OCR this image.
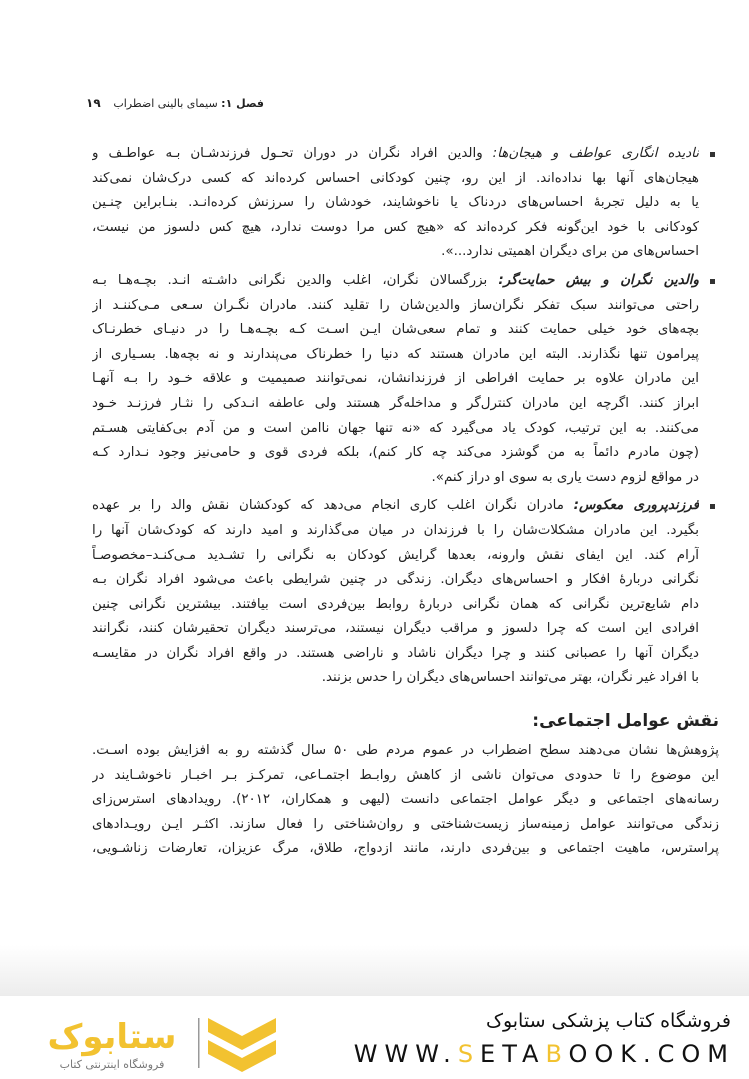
فصل ۱: سیمای بالینی اضطراب
۱۹
نادیده انگاری عواطف و هیجان‌ها: والدین افراد نگران در دوران تحـول فرزندشـان بـه عواطـف و
هیجان‌های آنها بها نداده‌اند. از این رو، چنین کودکانی احساس کرده‌اند که کسی درک‌شان نمی‌کند
یا به دلیل تجربهٔ احساس‌های دردناک یا ناخوشایند، خودشان را سرزنش کرده‌انـد. بنـابراین چنـین
کودکانی با خود این‌گونه فکر کرده‌اند که «هیچ کس مرا دوست ندارد، هیچ کس دلسوز من نیست،
احساس‌های من برای دیگران اهمیتی ندارد...».
والدین نگران و بیش حمایت‌گر: بزرگسالان نگران، اغلب والدین نگرانی داشـته انـد. بچـه‌هـا بـه
راحتی می‌توانند سبک تفکر نگران‌ساز والدین‌شان را تقلید کنند. مادران نگـران سـعی مـی‌کننـد از
بچه‌های خود خیلی حمایت کنند و تمام سعی‌شان ایـن اسـت کـه بچـه‌هـا را در دنیـای خطرنـاک
پیرامون تنها نگذارند. البته این مادران هستند که دنیا را خطرناک می‌پندارند و نه بچه‌ها. بسـیاری از
این مادران علاوه بر حمایت افراطی از فرزندانشان، نمی‌توانند صمیمیت و علاقه خـود را بـه آنهـا
ابراز کنند. اگرچه این مادران کنترل‌گر و مداخله‌گر هستند ولی عاطفه انـدکی را نثـار فرزنـد خـود
می‌کنند. به این ترتیب، کودک یاد می‌گیرد که «نه تنها جهان ناامن است و من آدم بی‌کفایتی هسـتم
(چون مادرم دائماً به من گوشزد می‌کند چه کار کنم)، بلکه فردی قوی و حامی‌نیز وجود نـدارد کـه
در مواقع لزوم دست یاری به سوی او دراز کنم».
فرزندپروری معکوس: مادران نگران اغلب کاری انجام می‌دهد که کودکشان نقش والد را بر عهده
بگیرد. این مادران مشکلات‌شان را با فرزندان در میان می‌گذارند و امید دارند که کودک‌شان آنها را
آرام کند. این ایفای نقش وارونه، بعدها گرایش کودکان به نگرانی را تشـدید مـی‌کنـد–مخصوصـاً
نگرانی دربارهٔ افکار و احساس‌های دیگران. زندگی در چنین شرایطی باعث می‌شود افراد نگران بـه
دام شایع‌ترین نگرانی که همان نگرانی دربارهٔ روابط بین‌فردی است بیافتند. بیشترین نگرانی چنین
افرادی این است که چرا دلسوز و مراقب دیگران نیستند، می‌ترسند دیگران تحقیرشان کنند، نگرانند
دیگران آنها را عصبانی کنند و چرا دیگران ناشاد و ناراضی هستند. در واقع افراد نگران در مقایسـه
با افراد غیر نگران، بهتر می‌توانند احساس‌های دیگران را حدس بزنند.
نقش عوامل اجتماعی:
پژوهش‌ها نشان می‌دهند سطح اضطراب در عموم مردم طی ۵۰ سال گذشته رو به افزایش بوده اسـت.
این موضوع را تا حدودی می‌توان ناشی از کاهش روابـط اجتمـاعی، تمرکـز بـر اخبـار ناخوشـایند در
رسانه‌های اجتماعی و دیگر عوامل اجتماعی دانست (لیهی و همکاران، ۲۰۱۲). رویدادهای استرس‌زای
زندگی می‌توانند عوامل زمینه‌ساز زیست‌شناختی و روان‌شناختی را فعال سازند. اکثـر ایـن رویـدادهای
پراسترس، ماهیت اجتماعی و بین‌فردی دارند، مانند ازدواج، طلاق، مرگ عزیزان، تعارضات زناشـویی،
ستابوک
فروشگاه اینترنتی کتاب
فروشگاه کتاب پزشکی ستابوک
WWW.SETABOOK.COM
